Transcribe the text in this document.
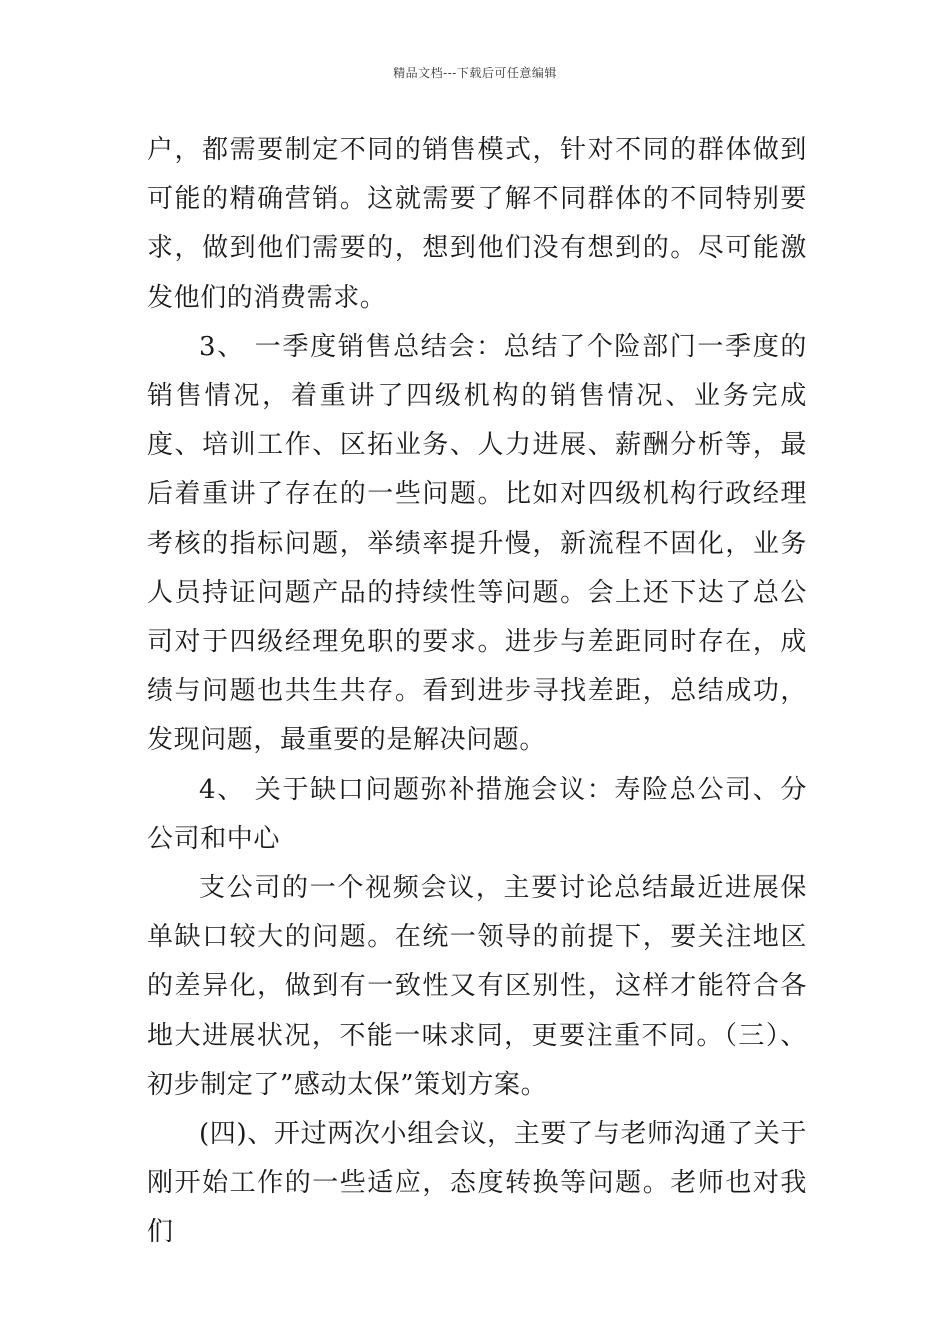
精品文档---下载后可任意编辑

户，都需要制定不同的销售模式，针对不同的群体做到可能的精确营销。这就需要了解不同群体的不同特别要求，做到他们需要的，想到他们没有想到的。尽可能激发他们的消费需求。

3、 一季度销售总结会：总结了个险部门一季度的销售情况，着重讲了四级机构的销售情况、业务完成度、培训工作、区拓业务、人力进展、薪酬分析等，最后着重讲了存在的一些问题。比如对四级机构行政经理考核的指标问题，举绩率提升慢，新流程不固化，业务人员持证问题产品的持续性等问题。会上还下达了总公司对于四级经理免职的要求。进步与差距同时存在，成绩与问题也共生共存。看到进步寻找差距，总结成功，发现问题，最重要的是解决问题。

4、 关于缺口问题弥补措施会议：寿险总公司、分公司和中心

支公司的一个视频会议，主要讨论总结最近进展保单缺口较大的问题。在统一领导的前提下，要关注地区的差异化，做到有一致性又有区别性，这样才能符合各地大进展状况，不能一味求同，更要注重不同。（三）、初步制定了”感动太保”策划方案。

(四)、开过两次小组会议，主要了与老师沟通了关于刚开始工作的一些适应，态度转换等问题。老师也对我们
